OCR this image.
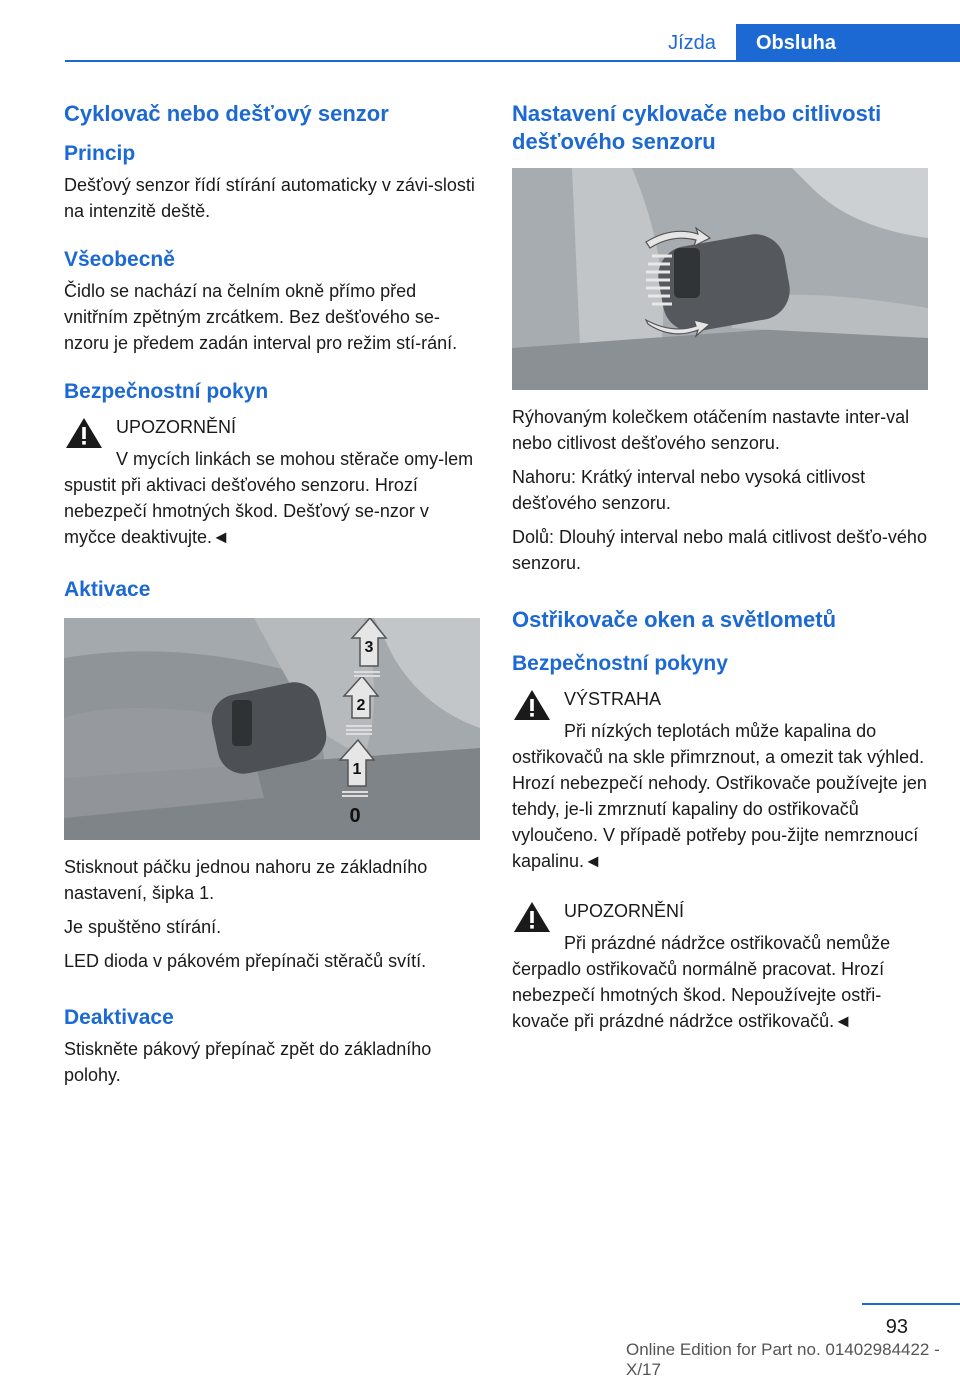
Jízda	Obsluha
Cyklovač nebo dešťový senzor
Princip

Dešťový senzor řídí stírání automaticky v závi-slosti na intenzitě deště.

Všeobecně

Čidlo se nachází na čelním okně přímo před vnitřním zpětným zrcátkem. Bez dešťového se-nzoru je předem zadán interval pro režim stí-rání.

Bezpečnostní pokyn
UPOZORNĚNÍ
V mycích linkách se mohou stěrače omy-lem spustit při aktivaci dešťového senzoru. Hrozí nebezpečí hmotných škod. Dešťový se-nzor v myčce deaktivujte.◄
Aktivace
3
2
1
0

Stisknout páčku jednou nahoru ze základního nastavení, šipka 1.

Je spuštěno stírání.

LED dioda v pákovém přepínači stěračů svítí.

Deaktivace

Stiskněte pákový přepínač zpět do základního polohy.

Nastavení cyklovače nebo citlivosti dešťového senzoru

Rýhovaným kolečkem otáčením nastavte inter-val nebo citlivost dešťového senzoru.

Nahoru: Krátký interval nebo vysoká citlivost dešťového senzoru.

Dolů: Dlouhý interval nebo malá citlivost dešťo-vého senzoru.

Ostřikovače oken a světlometů
Bezpečnostní pokyny
VÝSTRAHA
Při nízkých teplotách může kapalina do ostřikovačů na skle přimrznout, a omezit tak výhled. Hrozí nebezpečí nehody. Ostřikovače používejte jen tehdy, je-li zmrznutí kapaliny do ostřikovačů vyloučeno. V případě potřeby pou-žijte nemrznoucí kapalinu.◄
UPOZORNĚNÍ
Při prázdné nádržce ostřikovačů nemůže čerpadlo ostřikovačů normálně pracovat. Hrozí nebezpečí hmotných škod. Nepoužívejte ostři-kovače při prázdné nádržce ostřikovačů.◄
93
Online Edition for Part no. 01402984422 - X/17
